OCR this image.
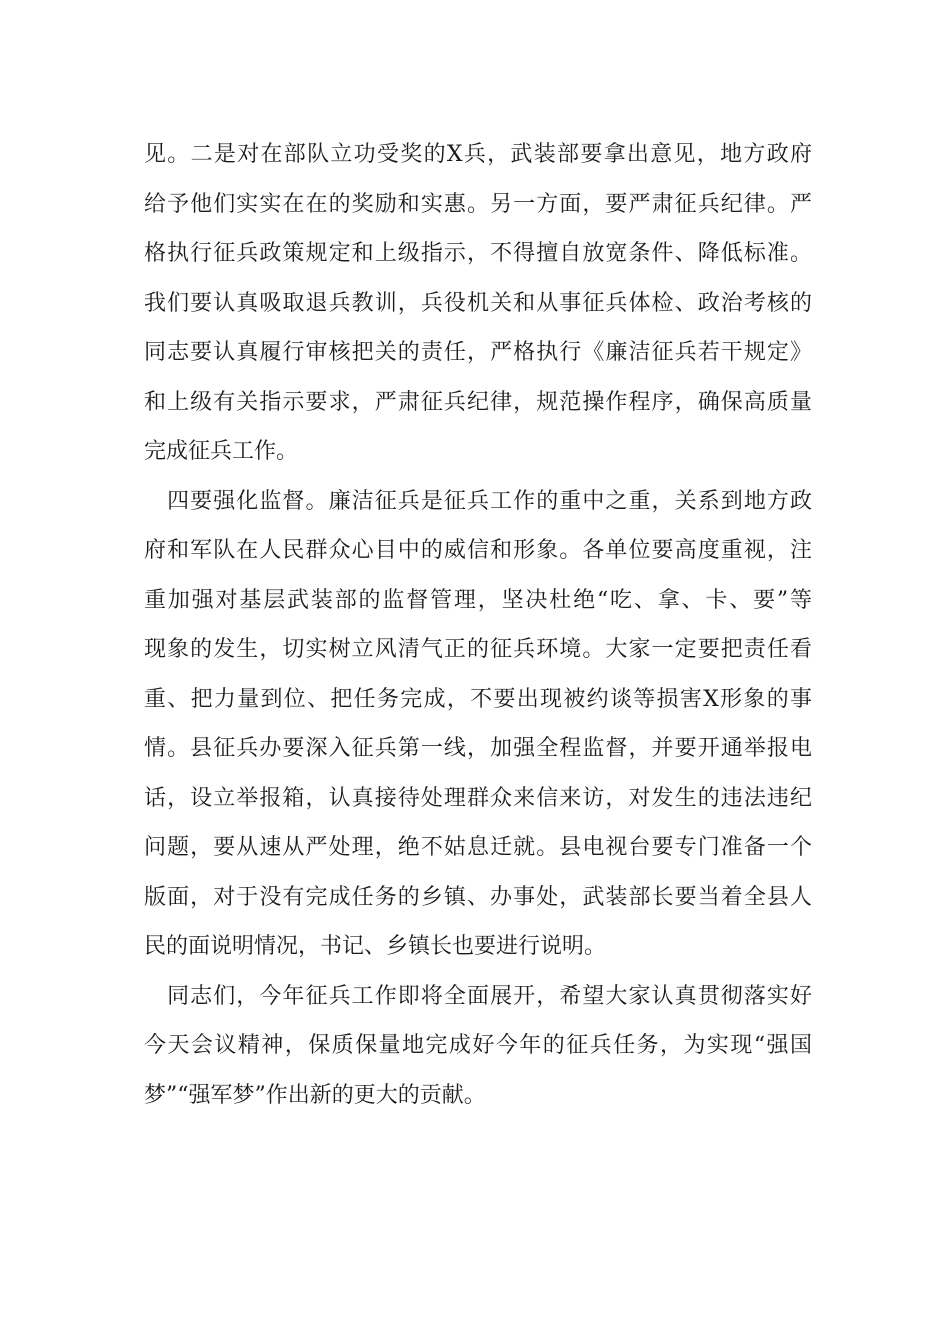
见。二是对在部队立功受奖的X兵，武装部要拿出意见，地方政府
给予他们实实在在的奖励和实惠。另一方面，要严肃征兵纪律。严
格执行征兵政策规定和上级指示，不得擅自放宽条件、降低标准。
我们要认真吸取退兵教训，兵役机关和从事征兵体检、政治考核的
同志要认真履行审核把关的责任，严格执行《廉洁征兵若干规定》
和上级有关指示要求，严肃征兵纪律，规范操作程序，确保高质量
完成征兵工作。
　四要强化监督。廉洁征兵是征兵工作的重中之重，关系到地方政
府和军队在人民群众心目中的威信和形象。各单位要高度重视，注
重加强对基层武装部的监督管理，坚决杜绝“吃、拿、卡、要”等
现象的发生，切实树立风清气正的征兵环境。大家一定要把责任看
重、把力量到位、把任务完成，不要出现被约谈等损害X形象的事
情。县征兵办要深入征兵第一线，加强全程监督，并要开通举报电
话，设立举报箱，认真接待处理群众来信来访，对发生的违法违纪
问题，要从速从严处理，绝不姑息迁就。县电视台要专门准备一个
版面，对于没有完成任务的乡镇、办事处，武装部长要当着全县人
民的面说明情况，书记、乡镇长也要进行说明。
　同志们，今年征兵工作即将全面展开，希望大家认真贯彻落实好
今天会议精神，保质保量地完成好今年的征兵任务，为实现“强国
梦”“强军梦”作出新的更大的贡献。
